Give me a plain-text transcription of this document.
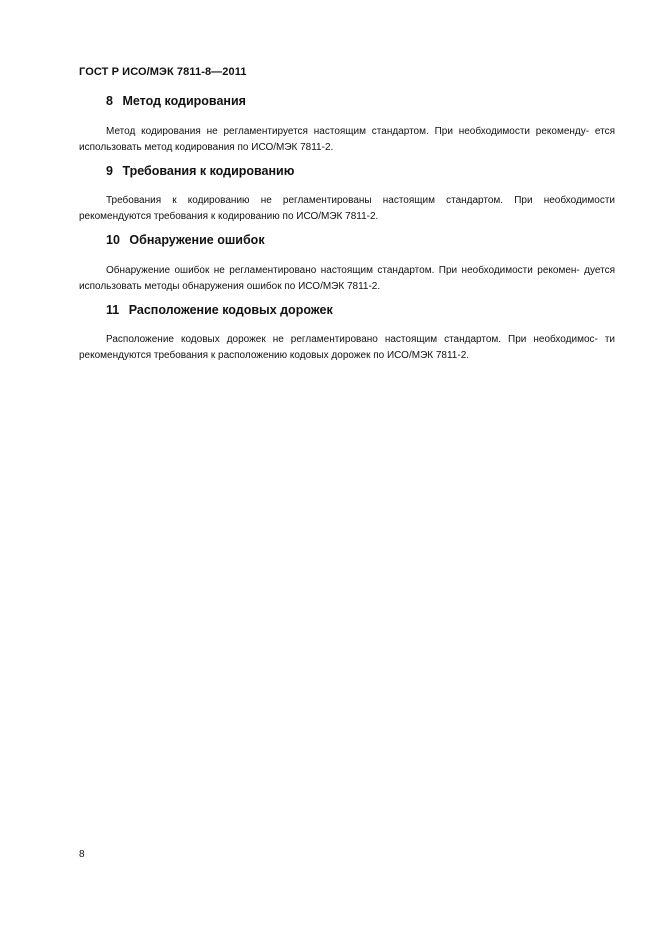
ГОСТ Р ИСО/МЭК 7811-8—2011
8 Метод кодирования

Метод кодирования не регламентируется настоящим стандартом. При необходимости рекоменду- ется использовать метод кодирования по ИСО/МЭК 7811-2.

9 Требования к кодированию

Требования к кодированию не регламентированы настоящим стандартом. При необходимости рекомендуются требования к кодированию по ИСО/МЭК 7811-2.

10 Обнаружение ошибок

Обнаружение ошибок не регламентировано настоящим стандартом. При необходимости рекомен- дуется использовать методы обнаружения ошибок по ИСО/МЭК 7811-2.

11 Расположение кодовых дорожек

Расположение кодовых дорожек не регламентировано настоящим стандартом. При необходимос- ти рекомендуются требования к расположению кодовых дорожек по ИСО/МЭК 7811-2.

8
